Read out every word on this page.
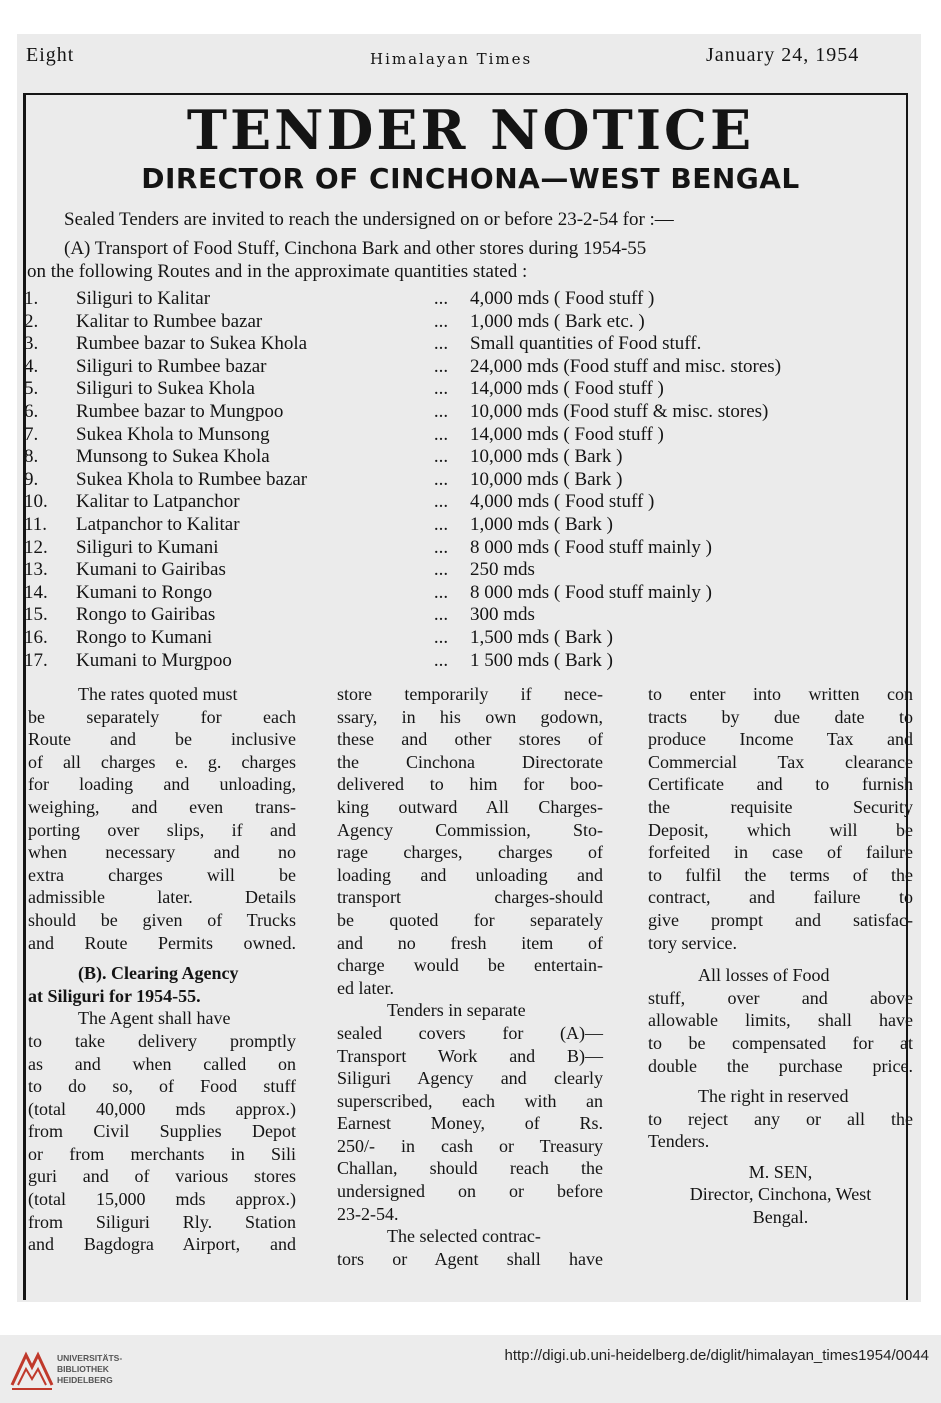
Eight	Himalayan Times	January 24, 1954
TENDER NOTICE
DIRECTOR OF CINCHONA—WEST BENGAL
Sealed Tenders are invited to reach the undersigned on or before 23-2-54 for :—
(A) Transport of Food Stuff, Cinchona Bark and other stores during 1954-55
on the following Routes and in the approximate quantities stated :
1.	Siliguri to Kalitar	...	4,000 mds ( Food stuff )
2.	Kalitar to Rumbee bazar	...	1,000 mds ( Bark etc. )
3.	Rumbee bazar to Sukea Khola	...	Small quantities of Food stuff.
4.	Siliguri to Rumbee bazar	...	24,000 mds (Food stuff and misc. stores)
5.	Siliguri to Sukea Khola	...	14,000 mds ( Food stuff )
6.	Rumbee bazar to Mungpoo	...	10,000 mds (Food stuff & misc. stores)
7.	Sukea Khola to Munsong	...	14,000 mds ( Food stuff )
8.	Munsong to Sukea Khola	...	10,000 mds ( Bark )
9.	Sukea Khola to Rumbee bazar	...	10,000 mds ( Bark )
10.	Kalitar to Latpanchor	...	4,000 mds ( Food stuff )
11.	Latpanchor to Kalitar	...	1,000 mds ( Bark )
12.	Siliguri to Kumani	...	8 000 mds ( Food stuff mainly )
13.	Kumani to Gairibas	...	250 mds
14.	Kumani to Rongo	...	8 000 mds ( Food stuff mainly )
15.	Rongo to Gairibas	...	300 mds
16.	Rongo to Kumani	...	1,500 mds ( Bark )
17.	Kumani to Murgpoo	...	1 500 mds ( Bark )
The rates quoted must
be separately for each
Route and be inclusive
of all charges e. g. charges
for loading and unloading,
weighing, and even trans-
porting over slips, if and
when necessary and no
extra charges will be
admissible later. Details
should be given of Trucks
and Route Permits owned.
(B). Clearing Agency
at Siliguri for 1954-55.
The Agent shall have
to take delivery promptly
as and when called on
to do so, of Food stuff
(total 40,000 mds approx.)
from Civil Supplies Depot
or from merchants in Sili
guri and of various stores
(total 15,000 mds approx.)
from Siliguri Rly. Station
and Bagdogra Airport, and
store temporarily if nece-
ssary, in his own godown,
these and other stores of
the Cinchona Directorate
delivered to him for boo-
king outward All Charges-
Agency Commission, Sto-
rage charges, charges of
loading and unloading and
transport charges-should
be quoted for separately
and no fresh item of
charge would be entertain-
ed later.
Tenders in separate
sealed covers for (A)—
Transport Work and B)—
Siliguri Agency and clearly
superscribed, each with an
Earnest Money, of Rs.
250/- in cash or Treasury
Challan, should reach the
undersigned on or before
23-2-54.
The selected contrac-
tors or Agent shall have
to enter into written con
tracts by due date to
produce Income Tax and
Commercial Tax clearance
Certificate and to furnish
the requisite Security
Deposit, which will be
forfeited in case of failure
to fulfil the terms of the
contract, and failure to
give prompt and satisfac-
tory service.
All losses of Food
stuff, over and above
allowable limits, shall have
to be compensated for at
double the purchase price.
The right in reserved
to reject any or all the
Tenders.
M. SEN,
Director, Cinchona, West
Bengal.
UNIVERSITÄTS-
BIBLIOTHEK
HEIDELBERG
http://digi.ub.uni-heidelberg.de/diglit/himalayan_times1954/0044
